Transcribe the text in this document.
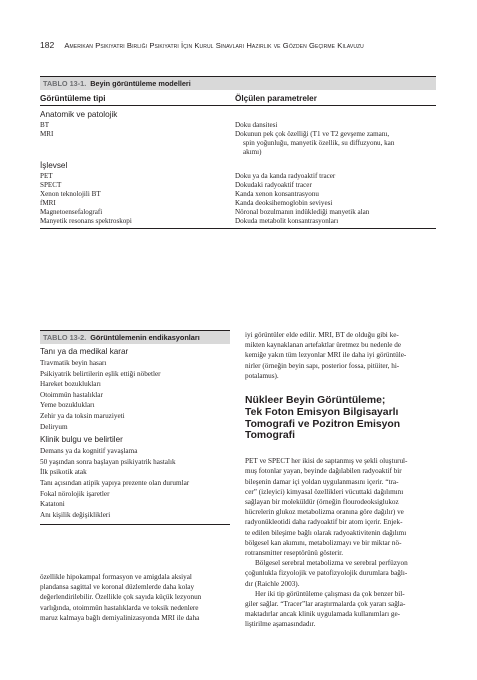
182 Amerikan Psikiyatri Birliği Psikiyatri İçin Kurul Sınavları Hazırlık ve Gözden Geçirme Kılavuzu
TABLO 13-1. Beyin görüntüleme modelleri
Görüntüleme tipi	Ölçülen parametreler
Anatomik ve patolojik
BT	Doku dansitesi
MRI	Dokunun pek çok özelliği (T1 ve T2 gevşeme zamanı,
spin yoğunluğu, manyetik özellik, su diffuzyonu, kan
akımı)
İşlevsel
PET	Doku ya da kanda radyoaktif tracer
SPECT	Dokudaki radyoaktif tracer
Xenon teknolojili BT	Kanda xenon konsantrasyonu
fMRI	Kanda deoksihemoglobin seviyesi
Magnetoensefalografi	Nöronal bozulmanın indüklediği manyetik alan
Manyetik resonans spektroskopi	Dokuda metabolit konsantrasyonları
TABLO 13-2. Görüntülemenin endikasyonları
Tanı ya da medikal karar
Travmatik beyin hasarı
Psikiyatrik belirtilerin eşlik ettiği nöbetler
Hareket bozuklukları
Otoimmün hastalıklar
Yeme bozuklukları
Zehir ya da toksin maruziyeti
Deliryum
Klinik bulgu ve belirtiler
Demans ya da kognitif yavaşlama
50 yaşından sonra başlayan psikiyatrik hastalık
İlk psikotik atak
Tanı açısından atipik yapıya prezente olan durumlar
Fokal nörolojik işaretler
Katatoni
Anı kişilik değişiklikleri
özellikle hipokampal formasyon ve amigdala aksiyal
plandansa sagittal ve koronal düzlemlerde daha kolay
değerlendirilebilir. Özellikle çok sayıda küçük lezyonun
varlığında, otoimmün hastalıklarda ve toksik nedenlere
maruz kalmaya bağlı demiyalinizasyonda MRI ile daha
iyi görüntüler elde edilir. MRI, BT de olduğu gibi ke-
mikten kaynaklanan artefaktlar üretmez bu nedenle de
kemiğe yakın tüm lezyonlar MRI ile daha iyi görüntüle-
nirler (örneğin beyin sapı, posterior fossa, pitüiter, hi-
potalamus).
Nükleer Beyin Görüntüleme;
Tek Foton Emisyon Bilgisayarlı
Tomografi ve Pozitron Emisyon
Tomografi
PET ve SPECT her ikisi de saptanmış ve şekli oluşturul-
muş fotonlar yayan, beyinde dağılabilen radyoaktif bir
bileşenin damar içi yoldan uygulanmasını içerir. “tra-
cer” (izleyici) kimyasal özellikleri vücuttaki dağılımını
sağlayan bir moleküldür (örneğin flourodeoksiglukoz
hücrelerin glukoz metabolizma oranına göre dağılır) ve
radyonükleotidi daha radyoaktif bir atom içerir. Enjek-
te edilen bileşime bağlı olarak radyoaktivitenin dağılımı
bölgesel kan akımını, metabolizmayı ve bir miktar nö-
rotransmitter reseptörünü gösterir.
Bölgesel serebral metabolizma ve serebral perfüzyon
çoğunlukla fizyolojik ve patofizyolojik durumlara bağlı-
dır (Raichle 2003).
Her iki tip görüntüleme çalışması da çok benzer bil-
giler sağlar. “Tracer”lar araştırmalarda çok yararı sağla-
maktadırlar ancak klinik uygulamada kullanımları ge-
liştirilme aşamasındadır.
